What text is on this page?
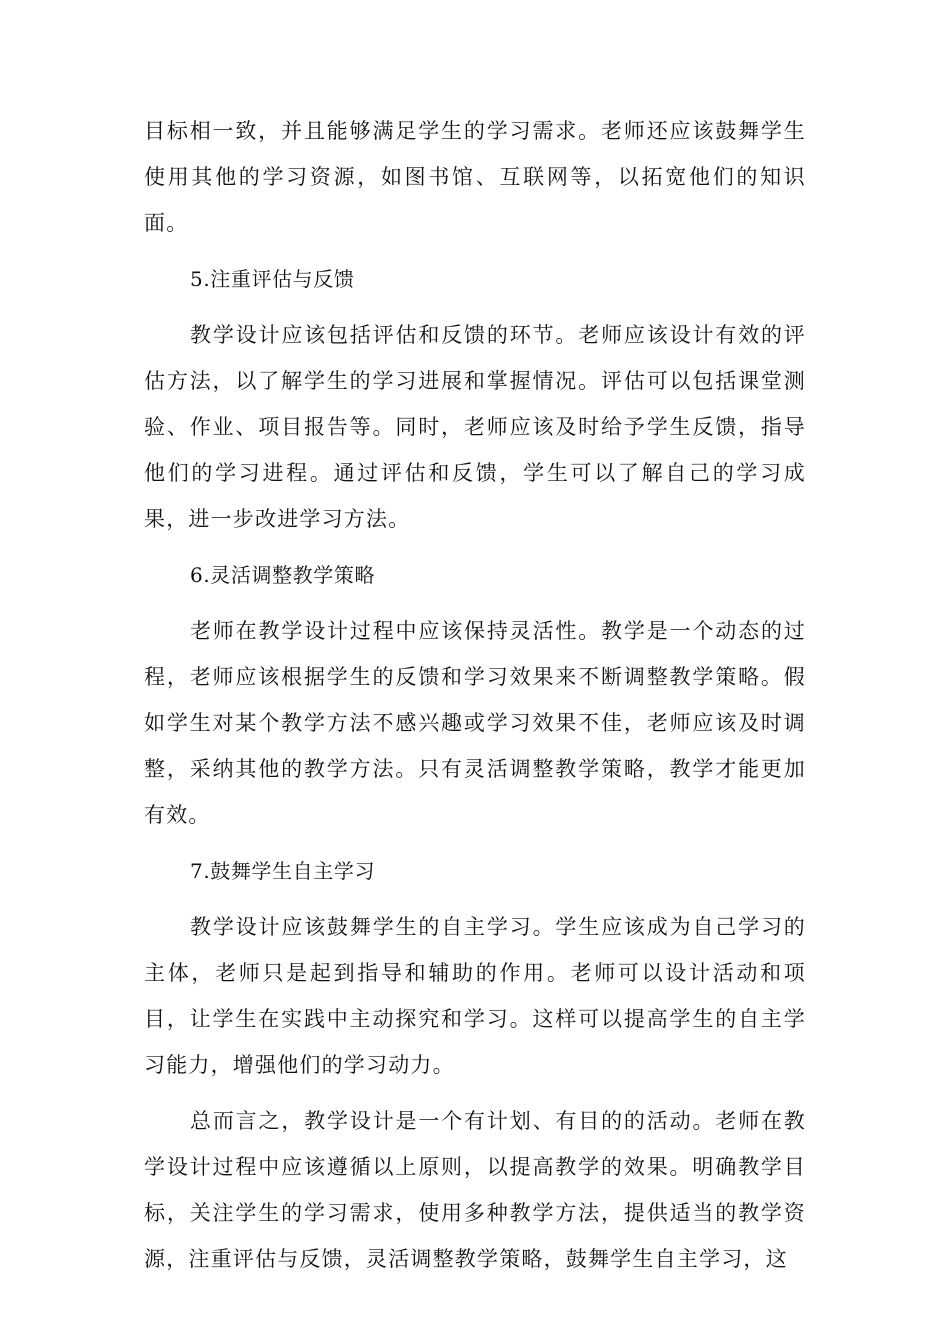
目标相一致，并且能够满足学生的学习需求。老师还应该鼓舞学生使用其他的学习资源，如图书馆、互联网等，以拓宽他们的知识面。

5.注重评估与反馈

教学设计应该包括评估和反馈的环节。老师应该设计有效的评估方法，以了解学生的学习进展和掌握情况。评估可以包括课堂测验、作业、项目报告等。同时，老师应该及时给予学生反馈，指导他们的学习进程。通过评估和反馈，学生可以了解自己的学习成果，进一步改进学习方法。

6.灵活调整教学策略

老师在教学设计过程中应该保持灵活性。教学是一个动态的过程，老师应该根据学生的反馈和学习效果来不断调整教学策略。假如学生对某个教学方法不感兴趣或学习效果不佳，老师应该及时调整，采纳其他的教学方法。只有灵活调整教学策略，教学才能更加有效。

7.鼓舞学生自主学习

教学设计应该鼓舞学生的自主学习。学生应该成为自己学习的主体，老师只是起到指导和辅助的作用。老师可以设计活动和项目，让学生在实践中主动探究和学习。这样可以提高学生的自主学习能力，增强他们的学习动力。

总而言之，教学设计是一个有计划、有目的的活动。老师在教学设计过程中应该遵循以上原则，以提高教学的效果。明确教学目标，关注学生的学习需求，使用多种教学方法，提供适当的教学资源，注重评估与反馈，灵活调整教学策略，鼓舞学生自主学习，这
